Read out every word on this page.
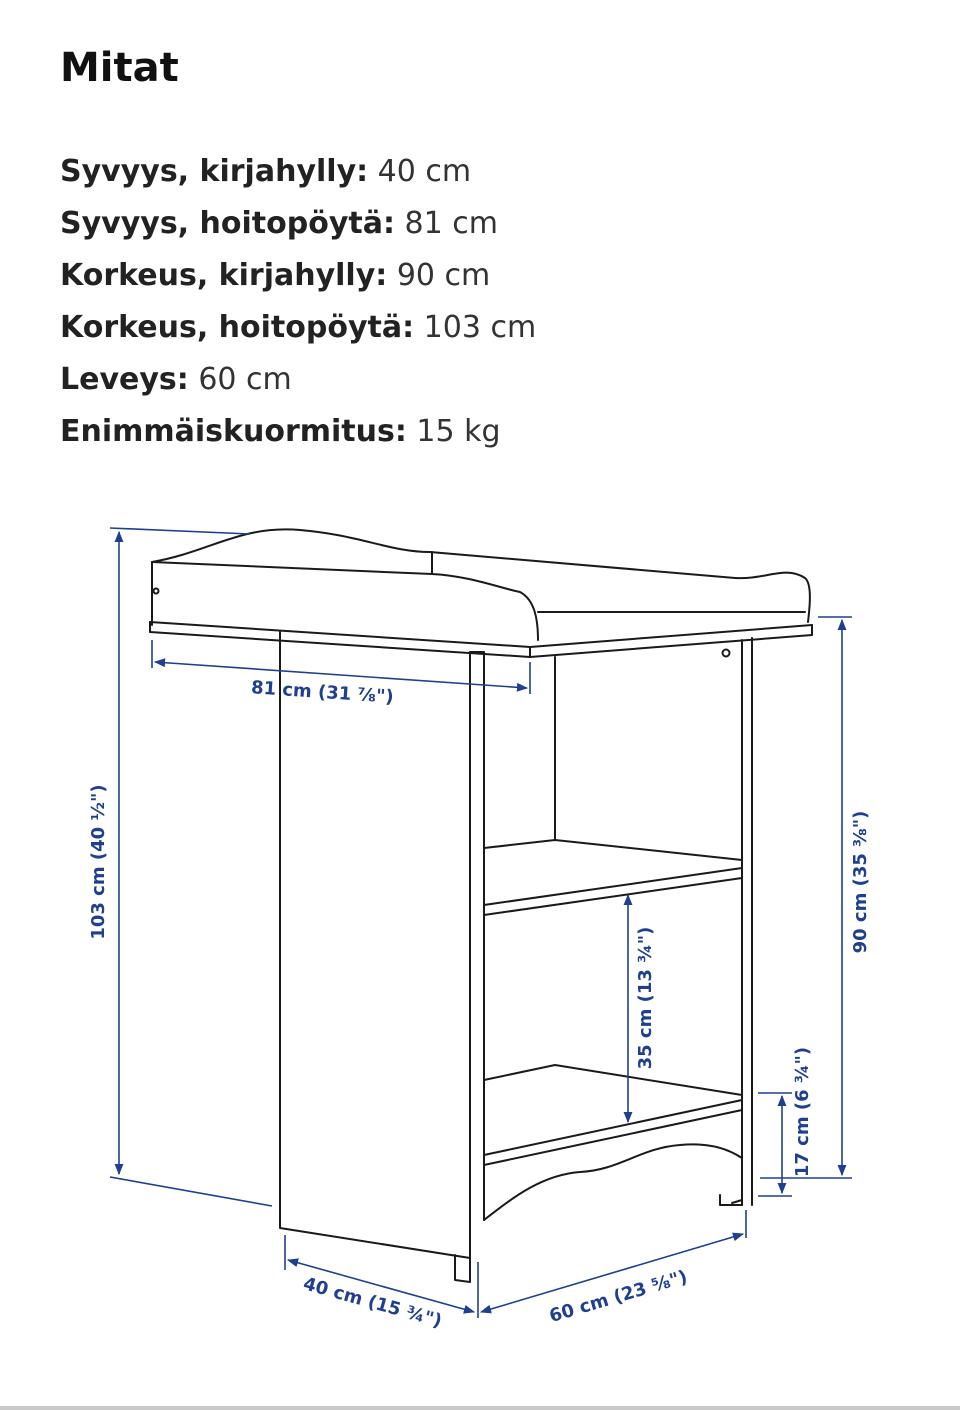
Mitat
Syvyys, kirjahylly: 40 cm
Syvyys, hoitopöytä: 81 cm
Korkeus, kirjahylly: 90 cm
Korkeus, hoitopöytä: 103 cm
Leveys: 60 cm
Enimmäiskuormitus: 15 kg
81 cm (31 ⅞")
103 cm (40 ½")	90 cm (35 ⅜")
35 cm (13 ¾")
17 cm (6 ¾")
40 cm (15 ¾")	60 cm (23 ⅝")
